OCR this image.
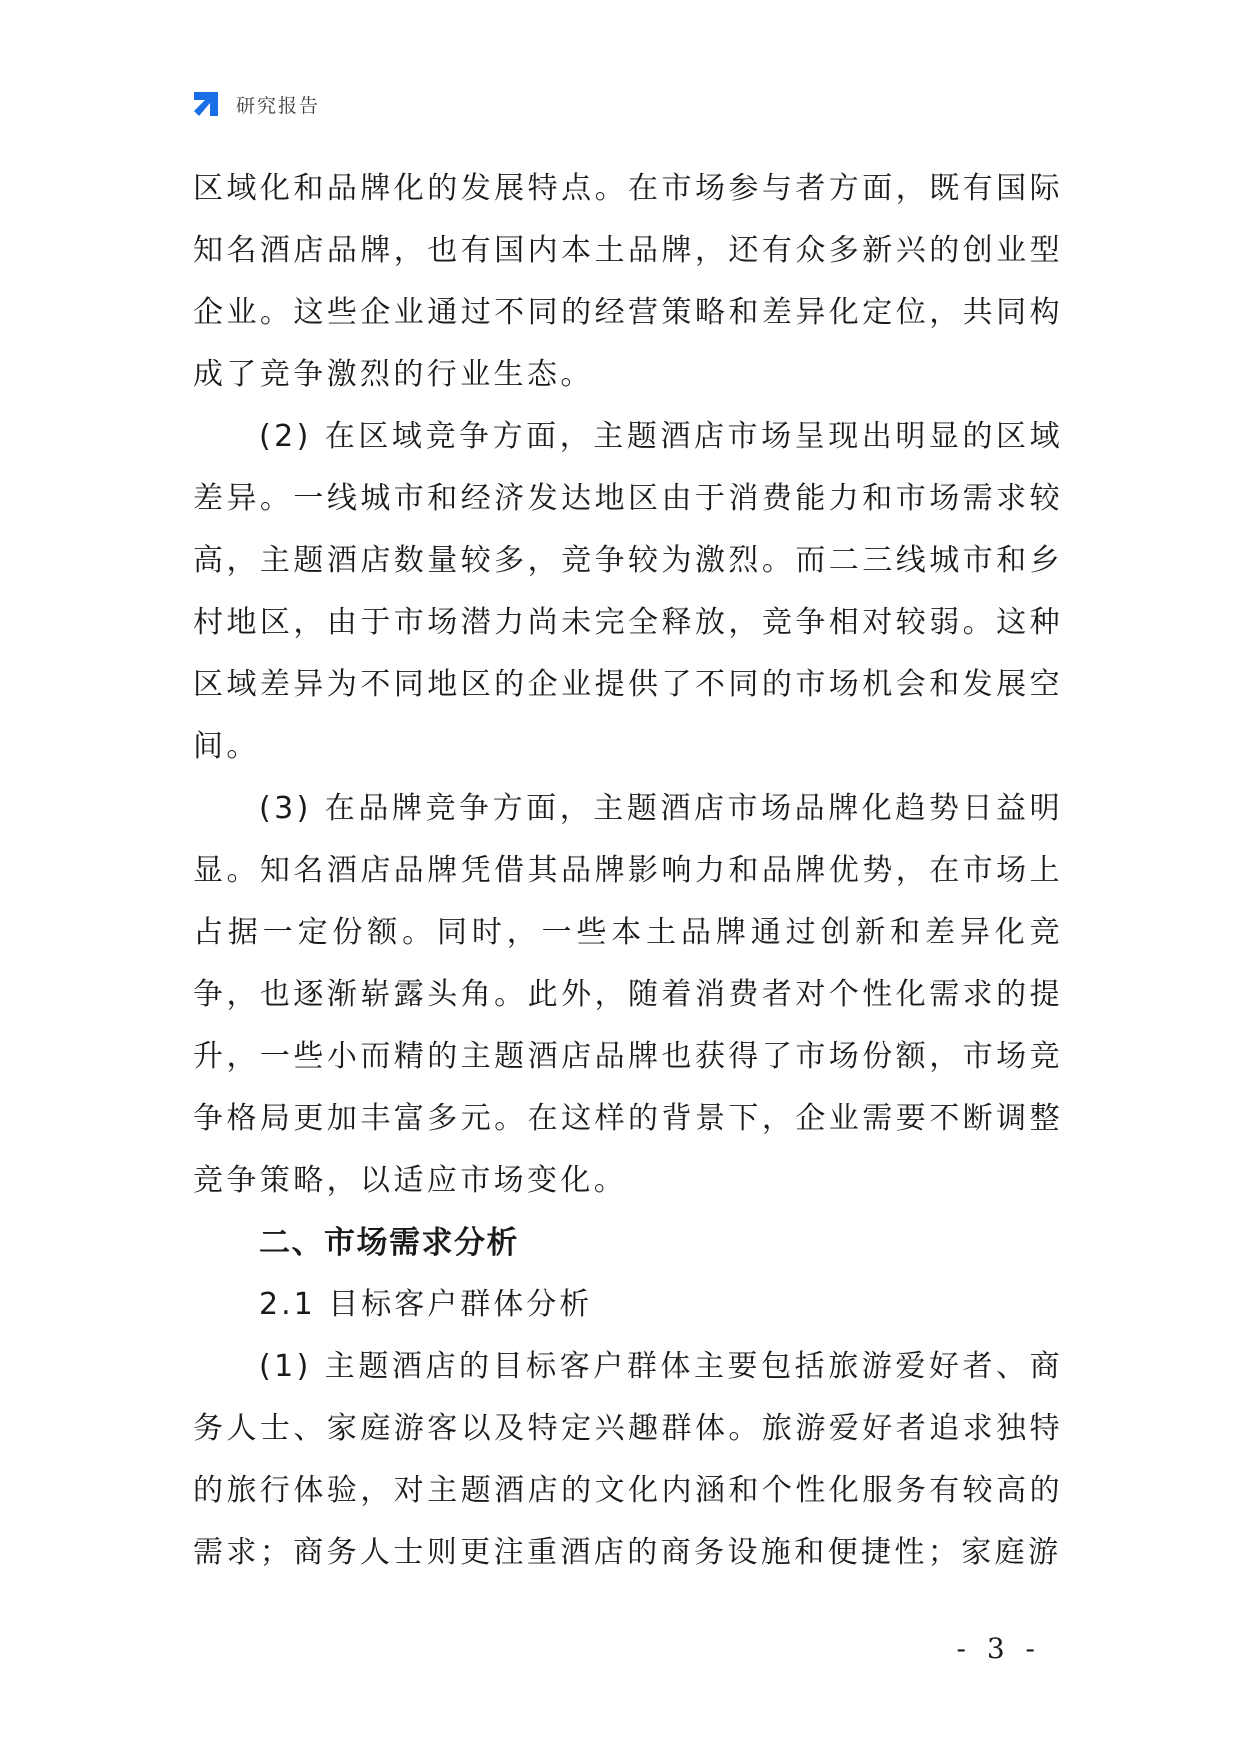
研究报告

区域化和品牌化的发展特点。在市场参与者方面，既有国际知名酒店品牌，也有国内本土品牌，还有众多新兴的创业型企业。这些企业通过不同的经营策略和差异化定位，共同构成了竞争激烈的行业生态。

(2) 在区域竞争方面，主题酒店市场呈现出明显的区域差异。一线城市和经济发达地区由于消费能力和市场需求较高，主题酒店数量较多，竞争较为激烈。而二三线城市和乡村地区，由于市场潜力尚未完全释放，竞争相对较弱。这种区域差异为不同地区的企业提供了不同的市场机会和发展空间。

(3) 在品牌竞争方面，主题酒店市场品牌化趋势日益明显。知名酒店品牌凭借其品牌影响力和品牌优势，在市场上占据一定份额。同时，一些本土品牌通过创新和差异化竞争，也逐渐崭露头角。此外，随着消费者对个性化需求的提升，一些小而精的主题酒店品牌也获得了市场份额，市场竞争格局更加丰富多元。在这样的背景下，企业需要不断调整竞争策略，以适应市场变化。

二、市场需求分析

2.1 目标客户群体分析

(1) 主题酒店的目标客户群体主要包括旅游爱好者、商务人士、家庭游客以及特定兴趣群体。旅游爱好者追求独特的旅行体验，对主题酒店的文化内涵和个性化服务有较高的需求；商务人士则更注重酒店的商务设施和便捷性；家庭游

- 3 -
